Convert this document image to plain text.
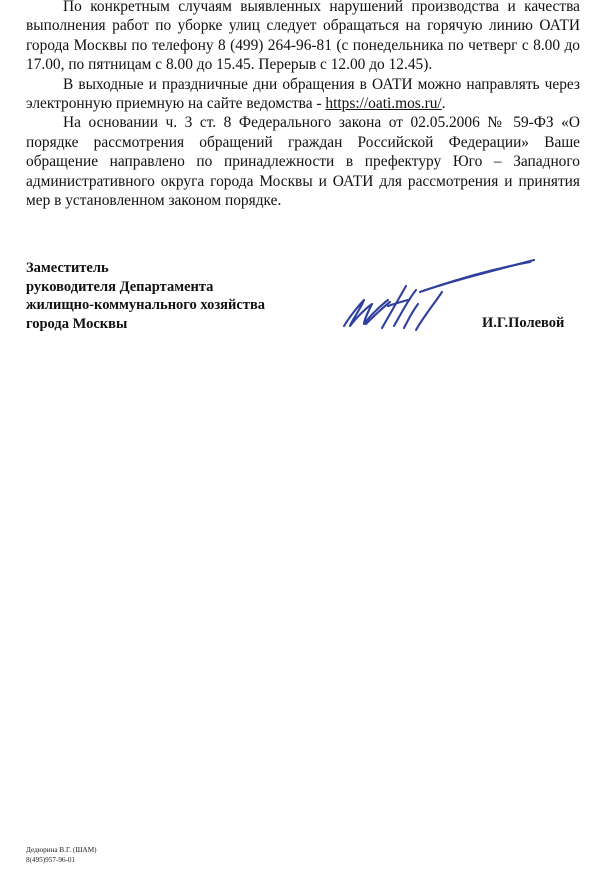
По конкретным случаям выявленных нарушений производства и качества выполнения работ по уборке улиц следует обращаться на горячую линию ОАТИ города Москвы по телефону 8 (499) 264-96-81 (с понедельника по четверг с 8.00 до 17.00, по пятницам с 8.00 до 15.45. Перерыв с 12.00 до 12.45).

В выходные и праздничные дни обращения в ОАТИ можно направлять через электронную приемную на сайте ведомства - https://oati.mos.ru/.

На основании ч. 3 ст. 8 Федерального закона от 02.05.2006 № 59-ФЗ «О порядке рассмотрения обращений граждан Российской Федерации» Ваше обращение направлено по принадлежности в префектуру Юго – Западного административного округа города Москвы и ОАТИ для рассмотрения и принятия мер в установленном законом порядке.

Заместитель
руководителя Департамента
жилищно-коммунального хозяйства
города Москвы	И.Г.Полевой
Дедюрина В.Г. (ШАМ)
8(495)957-96-01
